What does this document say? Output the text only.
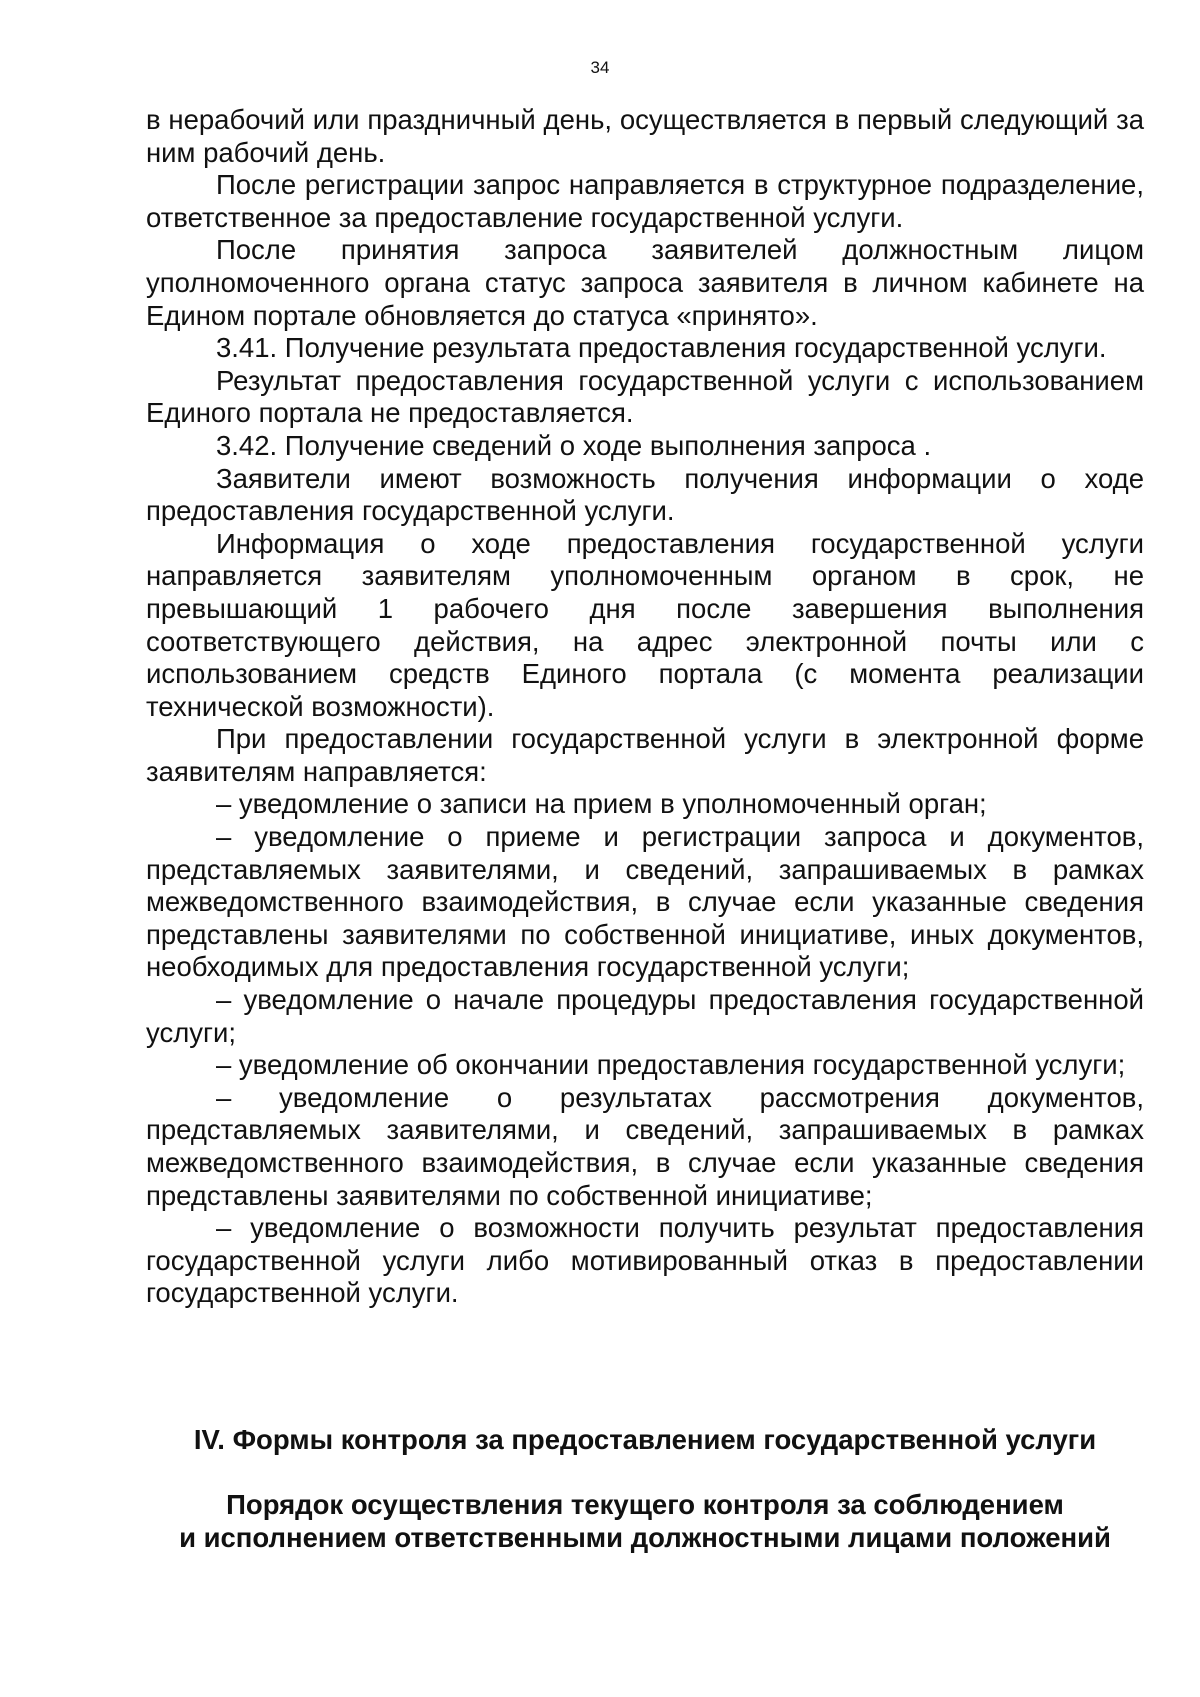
34

в нерабочий или праздничный день, осуществляется в первый следующий за ним рабочий день.

После регистрации запрос направляется в структурное подразделение, ответственное за предоставление государственной услуги.

После принятия запроса заявителей должностным лицом уполномоченного органа статус запроса заявителя в личном кабинете на Едином портале обновляется до статуса «принято».

3.41. Получение результата предоставления государственной услуги.

Результат предоставления государственной услуги с использованием Единого портала не предоставляется.

3.42. Получение сведений о ходе выполнения запроса .

Заявители имеют возможность получения информации о ходе предоставления государственной услуги.

Информация о ходе предоставления государственной услуги направляется заявителям уполномоченным органом в срок, не превышающий 1 рабочего дня после завершения выполнения соответствующего действия, на адрес электронной почты или с использованием средств Единого портала (с момента реализации технической возможности).

При предоставлении государственной услуги в электронной форме заявителям направляется:

– уведомление о записи на прием в уполномоченный орган;

– уведомление о приеме и регистрации запроса и документов, представляемых заявителями, и сведений, запрашиваемых в рамках межведомственного взаимодействия, в случае если указанные сведения представлены заявителями по собственной инициативе, иных документов, необходимых для предоставления государственной услуги;

– уведомление о начале процедуры предоставления государственной услуги;

– уведомление об окончании предоставления государственной услуги;

– уведомление о результатах рассмотрения документов, представляемых заявителями, и сведений, запрашиваемых в рамках межведомственного взаимодействия, в случае если указанные сведения представлены заявителями по собственной инициативе;

– уведомление о возможности получить результат предоставления государственной услуги либо мотивированный отказ в предоставлении государственной услуги.

IV. Формы контроля за предоставлением государственной услуги
Порядок осуществления текущего контроля за соблюдением
и исполнением ответственными должностными лицами положений
